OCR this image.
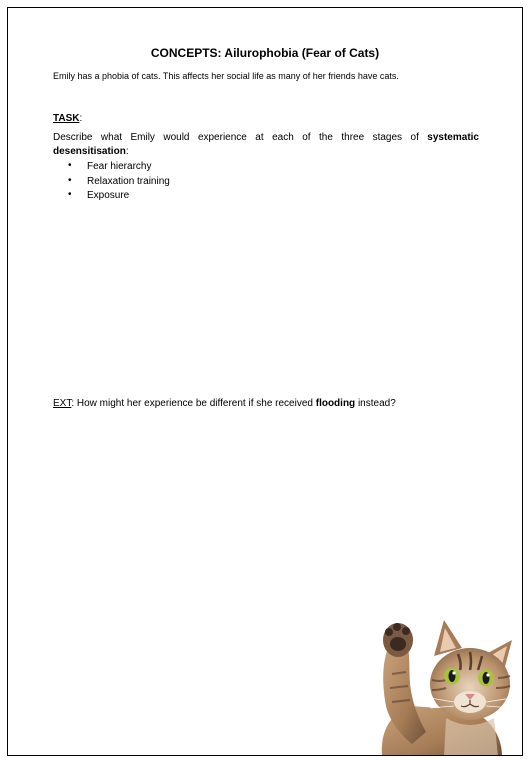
CONCEPTS: Ailurophobia (Fear of Cats)
Emily has a phobia of cats. This affects her social life as many of her friends have cats.
TASK:
Describe what Emily would experience at each of the three stages of systematic desensitisation:
• Fear hierarchy
• Relaxation training
• Exposure
EXT: How might her experience be different if she received flooding instead?
